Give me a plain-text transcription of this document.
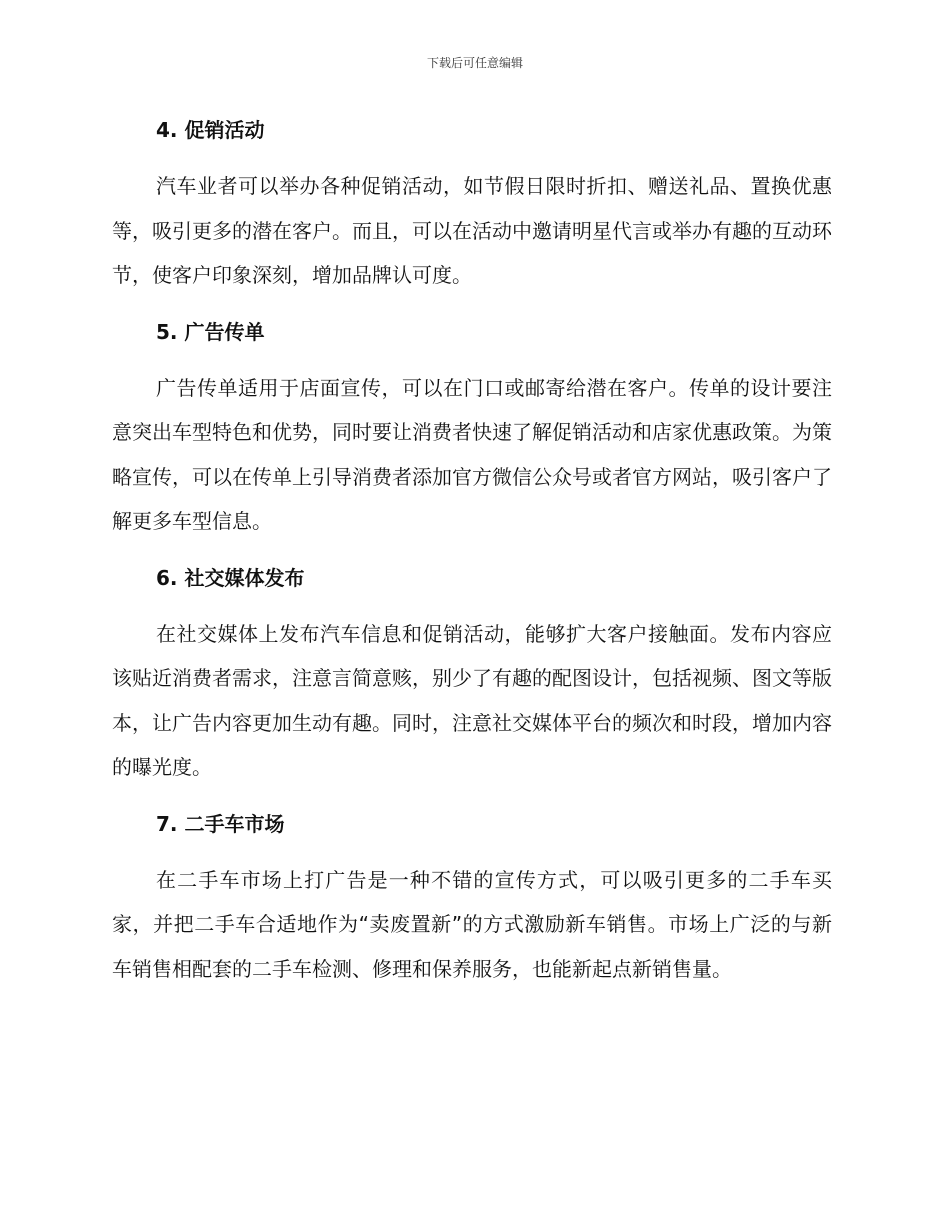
下载后可任意编辑
4. 促销活动

汽车业者可以举办各种促销活动，如节假日限时折扣、赠送礼品、置换优惠等，吸引更多的潜在客户。而且，可以在活动中邀请明星代言或举办有趣的互动环节，使客户印象深刻，增加品牌认可度。

5. 广告传单

广告传单适用于店面宣传，可以在门口或邮寄给潜在客户。传单的设计要注意突出车型特色和优势，同时要让消费者快速了解促销活动和店家优惠政策。为策略宣传，可以在传单上引导消费者添加官方微信公众号或者官方网站，吸引客户了解更多车型信息。

6. 社交媒体发布

在社交媒体上发布汽车信息和促销活动，能够扩大客户接触面。发布内容应该贴近消费者需求，注意言简意赅，别少了有趣的配图设计，包括视频、图文等版本，让广告内容更加生动有趣。同时，注意社交媒体平台的频次和时段，增加内容的曝光度。

7. 二手车市场

在二手车市场上打广告是一种不错的宣传方式，可以吸引更多的二手车买家，并把二手车合适地作为“卖废置新”的方式激励新车销售。市场上广泛的与新车销售相配套的二手车检测、修理和保养服务，也能新起点新销售量。
